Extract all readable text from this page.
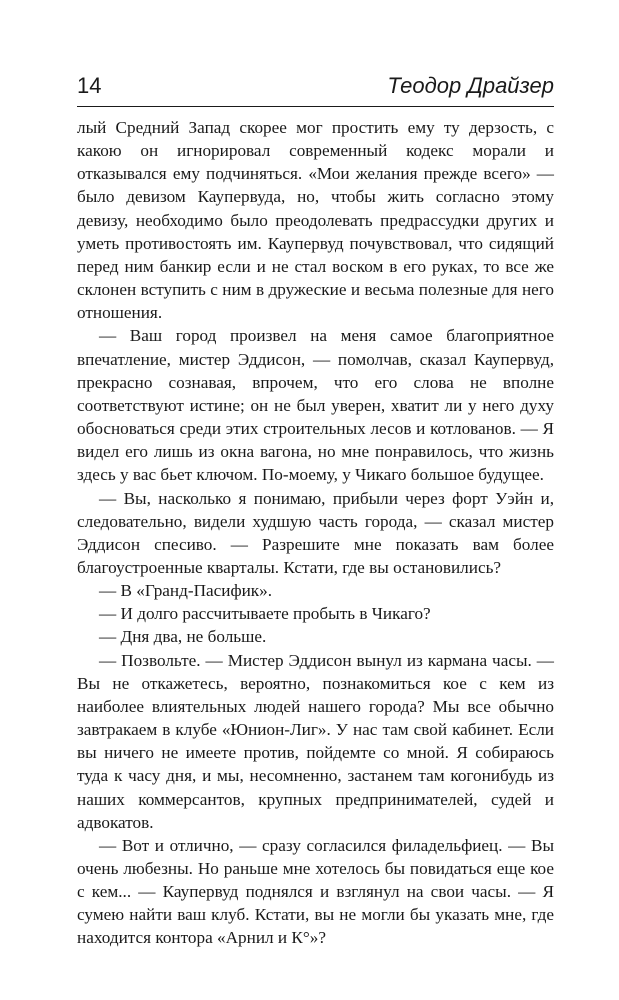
14	Теодор Драйзер

лый Средний Запад скорее мог простить ему ту дерзость, с какою он игнорировал современный кодекс морали и отказывался ему подчиняться. «Мои желания прежде всего» — было девизом Каупервуда, но, чтобы жить согласно этому девизу, необходимо было преодолевать предрассудки других и уметь противостоять им. Каупервуд почувствовал, что сидящий перед ним банкир если и не стал воском в его руках, то все же склонен вступить с ним в дружеские и весьма полезные для него отношения.

— Ваш город произвел на меня самое благоприятное впечатление, мистер Эддисон, — помолчав, сказал Каупервуд, прекрасно сознавая, впрочем, что его слова не вполне соответствуют истине; он не был уверен, хватит ли у него духу обосноваться среди этих строительных лесов и котлованов. — Я видел его лишь из окна вагона, но мне понравилось, что жизнь здесь у вас бьет ключом. По-моему, у Чикаго большое будущее.

— Вы, насколько я понимаю, прибыли через форт Уэйн и, следовательно, видели худшую часть города, — сказал мистер Эддисон спесиво. — Разрешите мне показать вам более благоустроенные кварталы. Кстати, где вы остановились?

— В «Гранд-Пасифик».

— И долго рассчитываете пробыть в Чикаго?

— Дня два, не больше.

— Позвольте. — Мистер Эддисон вынул из кармана часы. — Вы не откажетесь, вероятно, познакомиться кое с кем из наиболее влиятельных людей нашего города? Мы все обычно завтракаем в клубе «Юнион-Лиг». У нас там свой кабинет. Если вы ничего не имеете против, пойдемте со мной. Я собираюсь туда к часу дня, и мы, несомненно, застанем там когонибудь из наших коммерсантов, крупных предпринимателей, судей и адвокатов.

— Вот и отлично, — сразу согласился филадельфиец. — Вы очень любезны. Но раньше мне хотелось бы повидаться еще кое с кем... — Каупервуд поднялся и взглянул на свои часы. — Я сумею найти ваш клуб. Кстати, вы не могли бы указать мне, где находится контора «Арнил и К°»?
